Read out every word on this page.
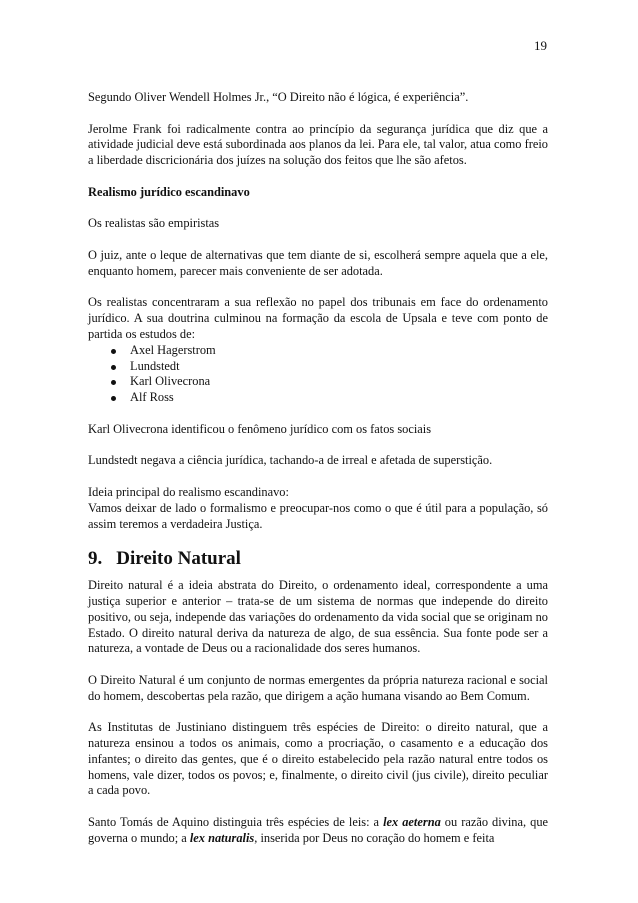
19

Segundo Oliver Wendell Holmes Jr., “O Direito não é lógica, é experiência”.

Jerolme Frank foi radicalmente contra ao princípio da segurança jurídica que diz que a atividade judicial deve está subordinada aos planos da lei. Para ele, tal valor, atua como freio a liberdade discricionária dos juízes na solução dos feitos que lhe são afetos.

Realismo jurídico escandinavo

Os realistas são empiristas

O juiz, ante o leque de alternativas que tem diante de si, escolherá sempre aquela que a ele, enquanto homem, parecer mais conveniente de ser adotada.

Os realistas concentraram a sua reflexão no papel dos tribunais em face do ordenamento jurídico. A sua doutrina culminou na formação da escola de Upsala e teve com ponto de partida os estudos de:

Axel Hagerstrom
Lundstedt
Karl Olivecrona
Alf Ross

Karl Olivecrona identificou o fenômeno jurídico com os fatos sociais

Lundstedt negava a ciência jurídica, tachando-a de irreal e afetada de superstição.

Ideia principal do realismo escandinavo:

Vamos deixar de lado o formalismo e preocupar-nos como o que é útil para a população, só assim teremos a verdadeira Justiça.

9. Direito Natural

Direito natural é a ideia abstrata do Direito, o ordenamento ideal, correspondente a uma justiça superior e anterior – trata-se de um sistema de normas que independe do direito positivo, ou seja, independe das variações do ordenamento da vida social que se originam no Estado. O direito natural deriva da natureza de algo, de sua essência. Sua fonte pode ser a natureza, a vontade de Deus ou a racionalidade dos seres humanos.

O Direito Natural é um conjunto de normas emergentes da própria natureza racional e social do homem, descobertas pela razão, que dirigem a ação humana visando ao Bem Comum.

As Institutas de Justiniano distinguem três espécies de Direito: o direito natural, que a natureza ensinou a todos os animais, como a procriação, o casamento e a educação dos infantes; o direito das gentes, que é o direito estabelecido pela razão natural entre todos os homens, vale dizer, todos os povos; e, finalmente, o direito civil (jus civile), direito peculiar a cada povo.

Santo Tomás de Aquino distinguia três espécies de leis: a lex aeterna ou razão divina, que governa o mundo; a lex naturalis, inserida por Deus no coração do homem e feita
